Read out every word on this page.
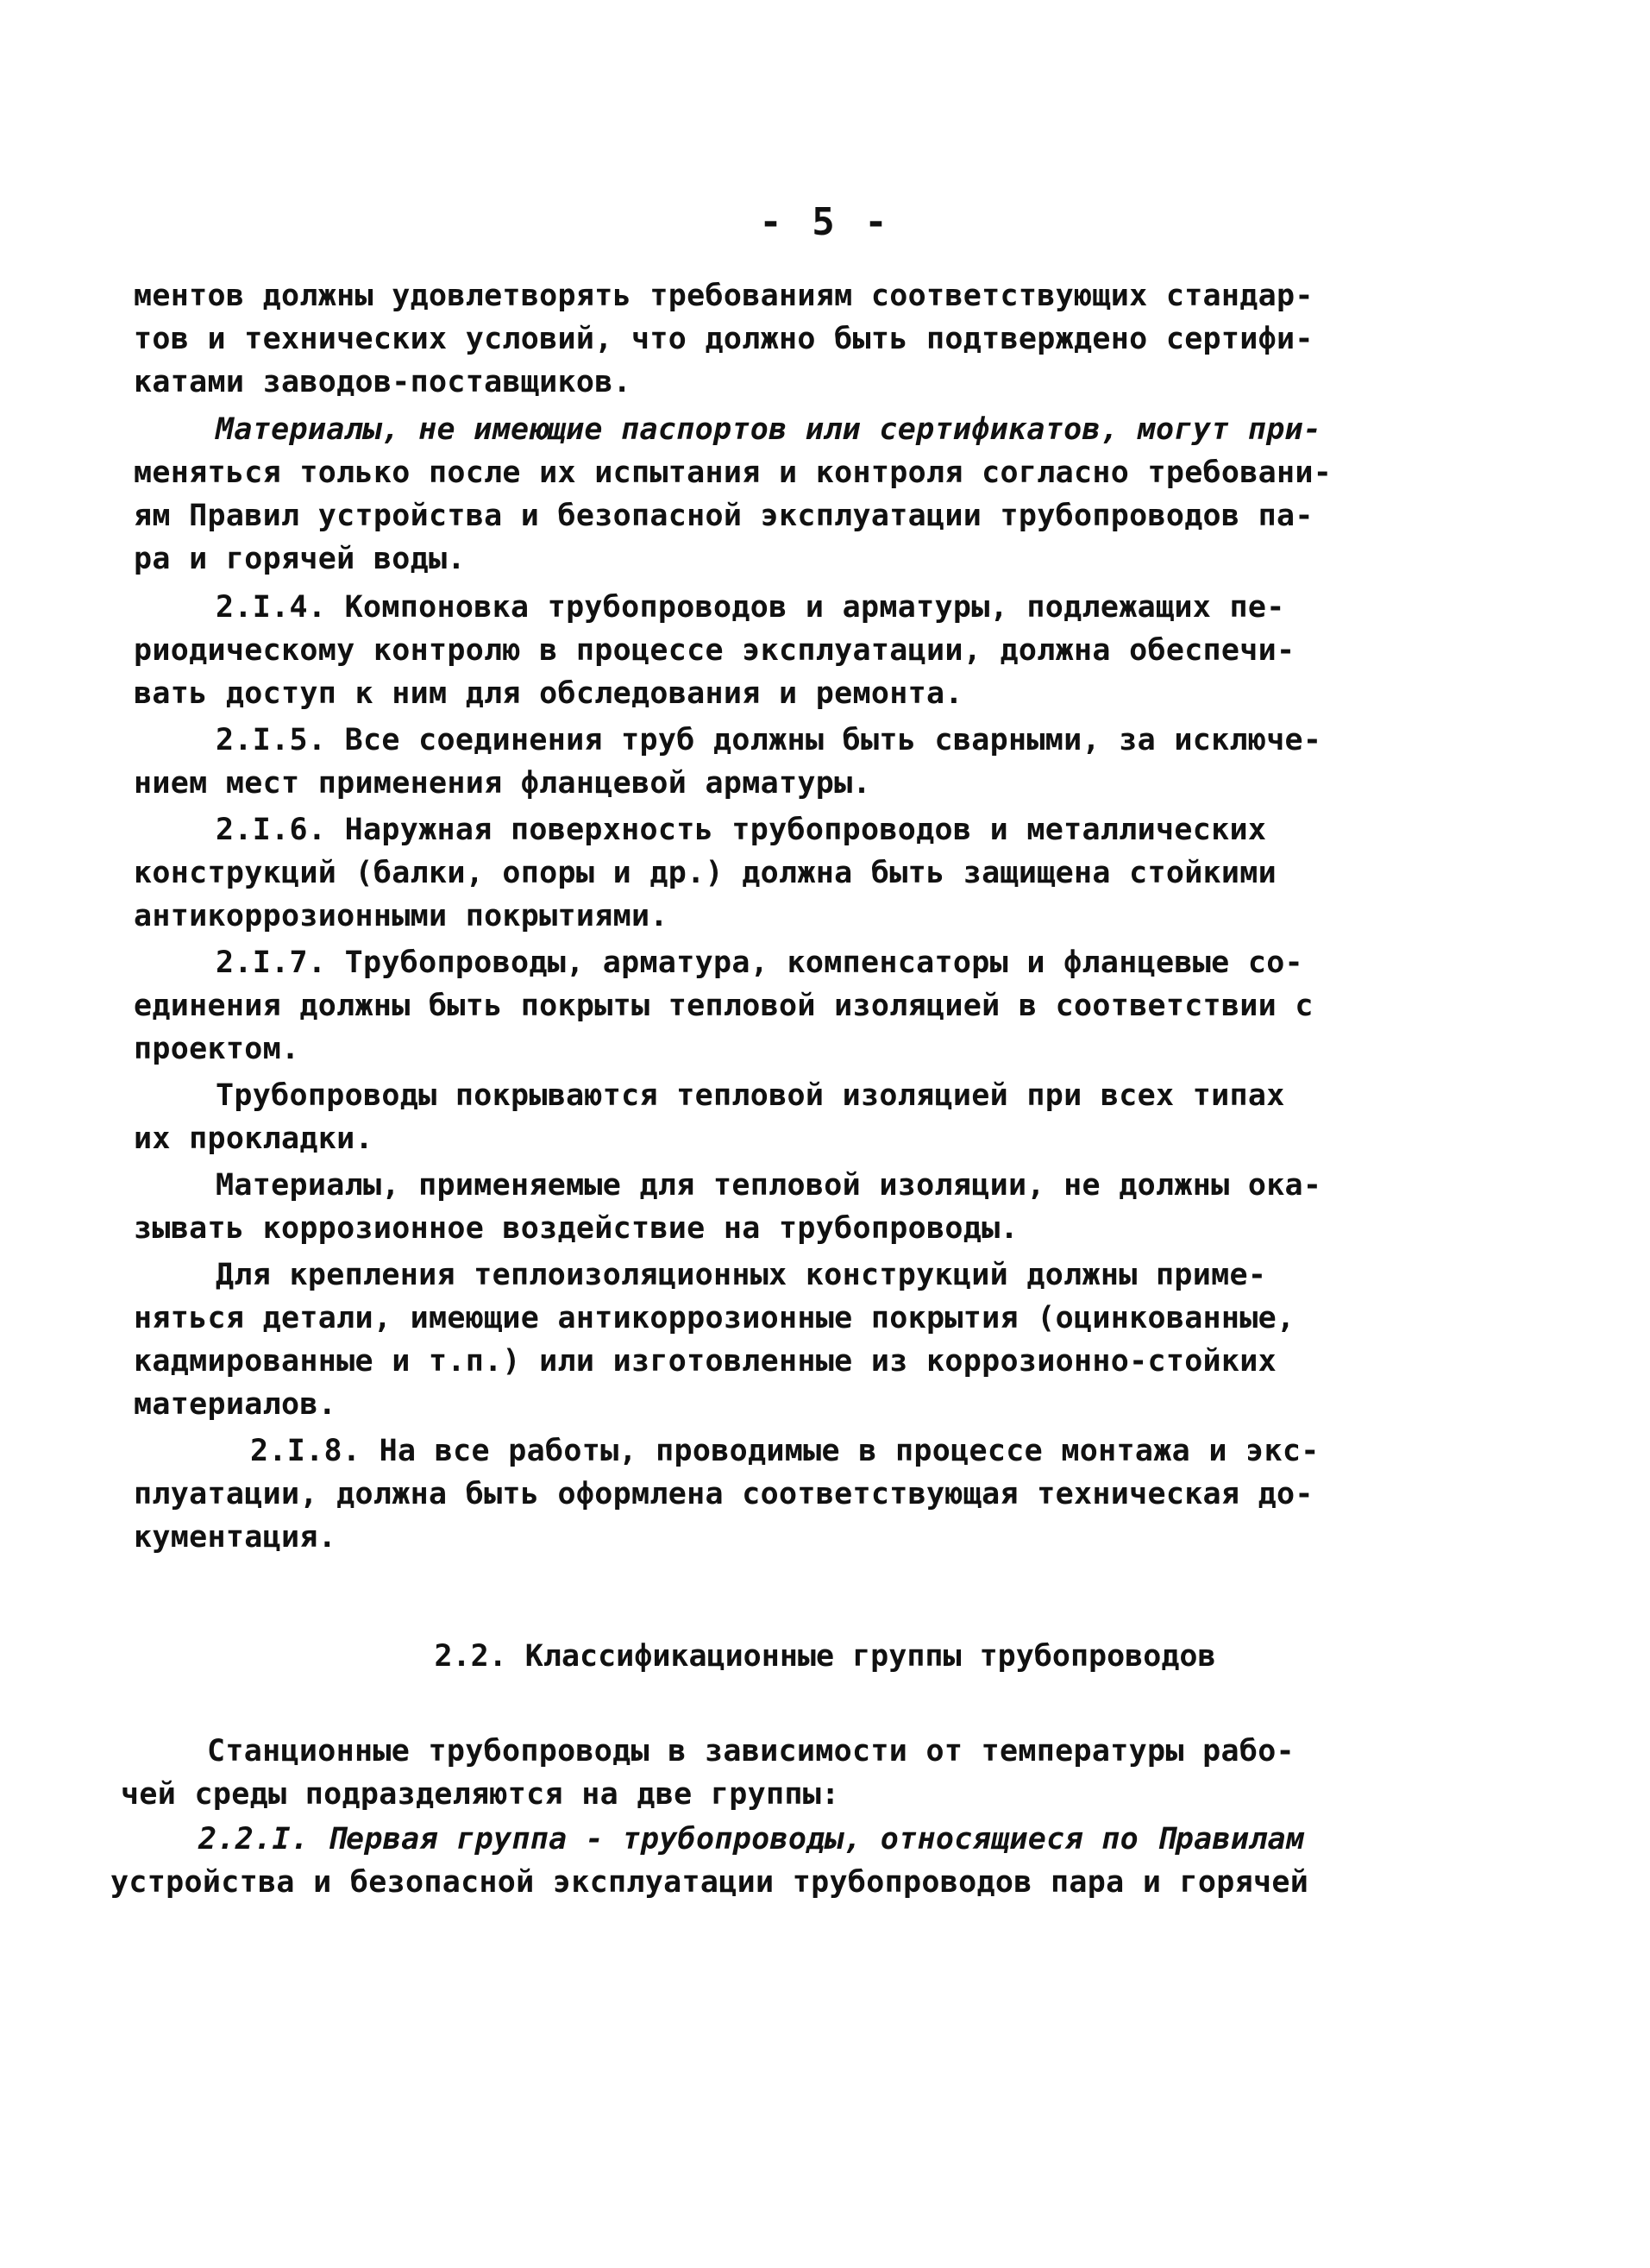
- 5 -
ментов должны удовлетворять требованиям соответствующих стандар-
тов и технических условий, что должно быть подтверждено сертифи-
катами заводов-поставщиков.
Материалы, не имеющие паспортов или сертификатов, могут при-
меняться только после их испытания и контроля согласно требовани-
ям Правил устройства и безопасной эксплуатации трубопроводов па-
ра и горячей воды.
2.I.4. Компоновка трубопроводов и арматуры, подлежащих пе-
риодическому контролю в процессе эксплуатации, должна обеспечи-
вать доступ к ним для обследования и ремонта.
2.I.5. Все соединения труб должны быть сварными, за исключе-
нием мест применения фланцевой арматуры.
2.I.6. Наружная поверхность трубопроводов и металлических
конструкций (балки, опоры и др.) должна быть защищена стойкими
антикоррозионными покрытиями.
2.I.7. Трубопроводы, арматура, компенсаторы и фланцевые со-
единения должны быть покрыты тепловой изоляцией в соответствии с
проектом.
Трубопроводы покрываются тепловой изоляцией при всех типах
их прокладки.
Материалы, применяемые для тепловой изоляции, не должны ока-
зывать коррозионное воздействие на трубопроводы.
Для крепления теплоизоляционных конструкций должны приме-
няться детали, имеющие антикоррозионные покрытия (оцинкованные,
кадмированные и т.п.) или изготовленные из коррозионно-стойких
материалов.
2.I.8. На все работы, проводимые в процессе монтажа и экс-
плуатации, должна быть оформлена соответствующая техническая до-
кументация.
2.2. Классификационные группы трубопроводов
Станционные трубопроводы в зависимости от температуры рабо-
чей среды подразделяются на две группы:
2.2.I. Первая группа - трубопроводы, относящиеся по Правилам
устройства и безопасной эксплуатации трубопроводов пара и горячей
